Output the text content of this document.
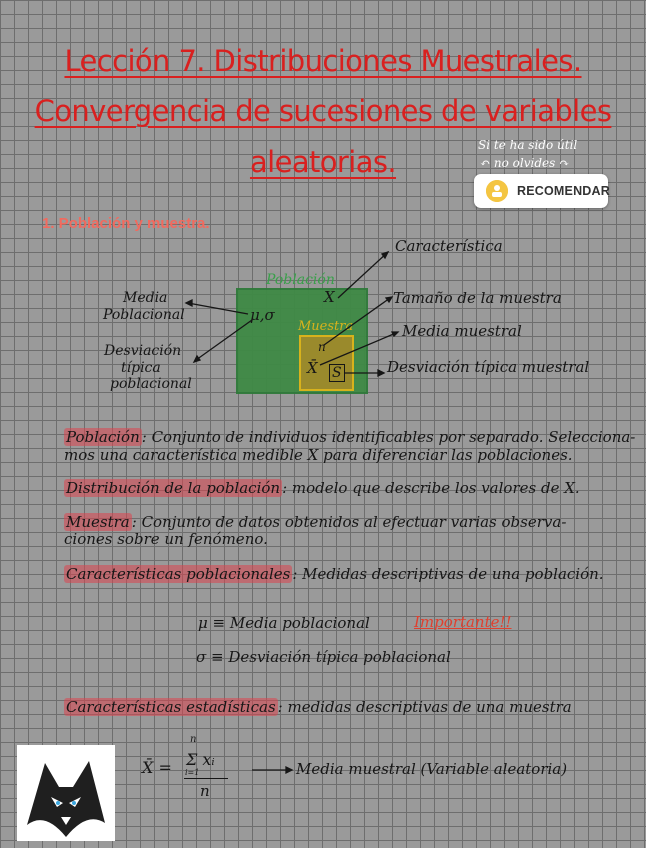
Lección 7. Distribuciones Muestrales.
Convergencia de sucesiones de variables
aleatorias.	Si te ha sido útil
↶ no olvides ↷
RECOMENDAR
1. Población y muestra.
Población
Muestra
X
μ,σ
n
X̄ S
Media
Poblacional
Desviación
típica
poblacional
Característica
Tamaño de la muestra
Media muestral
Desviación típica muestral
Población : Conjunto de individuos identificables por separado. Selecciona-
mos una característica medible X para diferenciar las poblaciones.
Distribución de la población : modelo que describe los valores de X.
Muestra : Conjunto de datos obtenidos al efectuar varias observa-
ciones sobre un fenómeno.
Características poblacionales : Medidas descriptivas de una población.
μ ≡ Media poblacional
σ ≡ Desviación típica poblacional
Importante!!
Características estadísticas : medidas descriptivas de una muestra
X̄ =
n
Σ xᵢ
i=1
n
Media muestral (Variable aleatoria)
